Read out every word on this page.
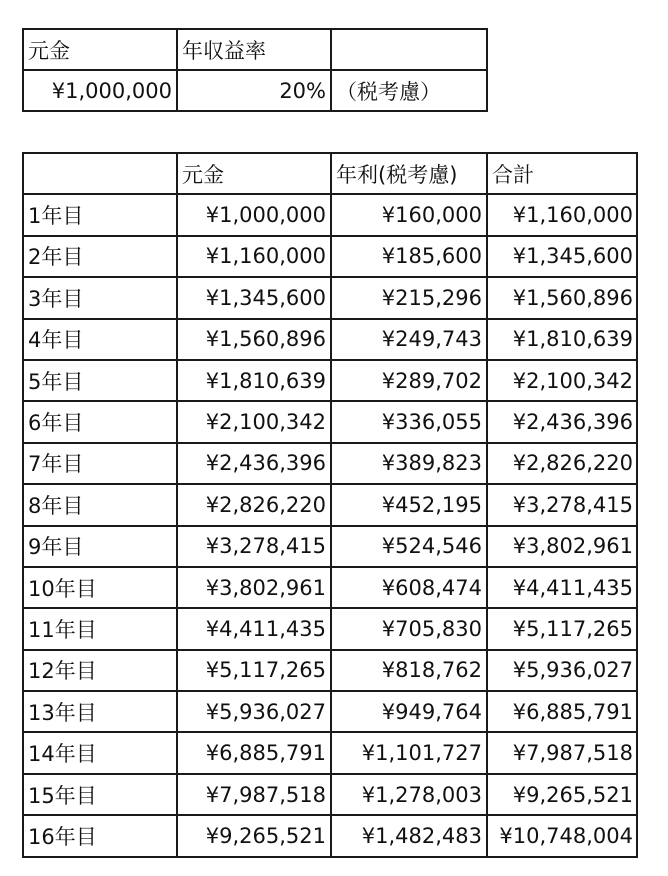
元金	年収益率	
¥1,000,000	20%	（税考慮）
	元金	年利(税考慮)	合計
1年目	¥1,000,000	¥160,000	¥1,160,000
2年目	¥1,160,000	¥185,600	¥1,345,600
3年目	¥1,345,600	¥215,296	¥1,560,896
4年目	¥1,560,896	¥249,743	¥1,810,639
5年目	¥1,810,639	¥289,702	¥2,100,342
6年目	¥2,100,342	¥336,055	¥2,436,396
7年目	¥2,436,396	¥389,823	¥2,826,220
8年目	¥2,826,220	¥452,195	¥3,278,415
9年目	¥3,278,415	¥524,546	¥3,802,961
10年目	¥3,802,961	¥608,474	¥4,411,435
11年目	¥4,411,435	¥705,830	¥5,117,265
12年目	¥5,117,265	¥818,762	¥5,936,027
13年目	¥5,936,027	¥949,764	¥6,885,791
14年目	¥6,885,791	¥1,101,727	¥7,987,518
15年目	¥7,987,518	¥1,278,003	¥9,265,521
16年目	¥9,265,521	¥1,482,483	¥10,748,004
